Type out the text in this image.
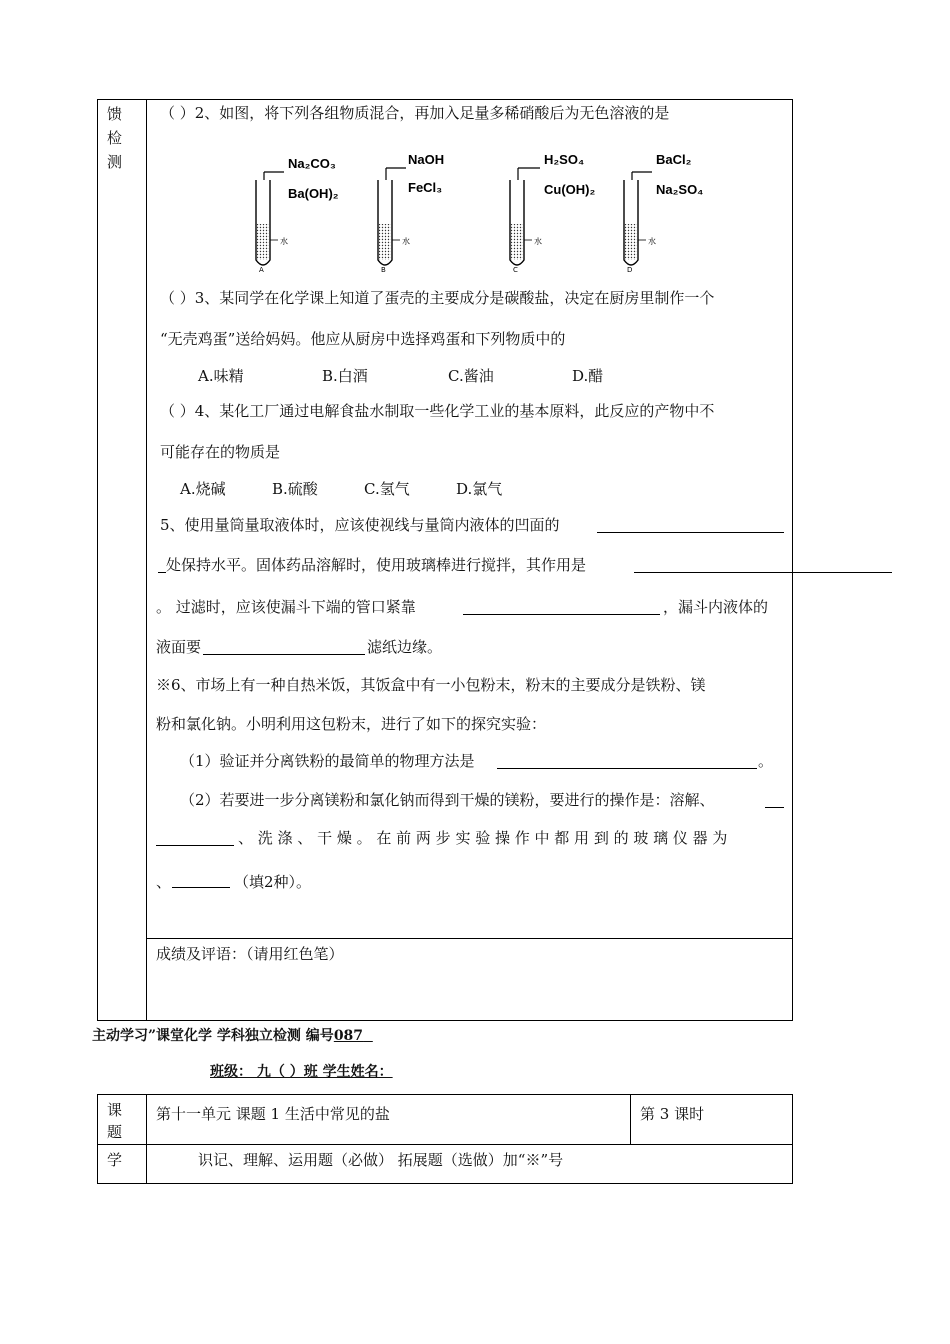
馈
检
测
（ ）2、如图，将下列各组物质混合，再加入足量多稀硝酸后为无色溶液的是
水
A
Na₂CO₃
Ba(OH)₂
水
B
NaOH
FeCl₃
水
C
H₂SO₄
Cu(OH)₂
水
D
BaCl₂
Na₂SO₄
（ ）3、某同学在化学课上知道了蛋壳的主要成分是碳酸盐，决定在厨房里制作一个
“无壳鸡蛋”送给妈妈。他应从厨房中选择鸡蛋和下列物质中的
A.味精	B.白酒	C.酱油	D.醋
（ ）4、某化工厂通过电解食盐水制取一些化学工业的基本原料，此反应的产物中不
可能存在的物质是
A.烧碱	B.硫酸	C.氢气	D.氯气
5、使用量筒量取液体时，应该使视线与量筒内液体的凹面的
处保持水平。固体药品溶解时，使用玻璃棒进行搅拌，其作用是
。 过滤时，应该使漏斗下端的管口紧靠	，漏斗内液体的
液面要	滤纸边缘。
※6、市场上有一种自热米饭，其饭盒中有一小包粉末，粉末的主要成分是铁粉、镁
粉和氯化钠。小明利用这包粉末，进行了如下的探究实验：
（1）验证并分离铁粉的最简单的物理方法是	。
（2）若要进一步分离镁粉和氯化钠而得到干燥的镁粉，要进行的操作是：溶解、
、 洗 涤 、 干 燥 。 在 前 两 步 实 验 操 作 中 都 用 到 的 玻 璃 仪 器 为
、	（填2种）。
成绩及评语：（请用红色笔）
主动学习”课堂化学 学科独立检测 编号087
班级： 九（ ）班 学生姓名：
课
题
第十一单元 课题 1 生活中常见的盐	第 3 课时
学	识记、理解、运用题（必做） 拓展题（选做）加“※”号
